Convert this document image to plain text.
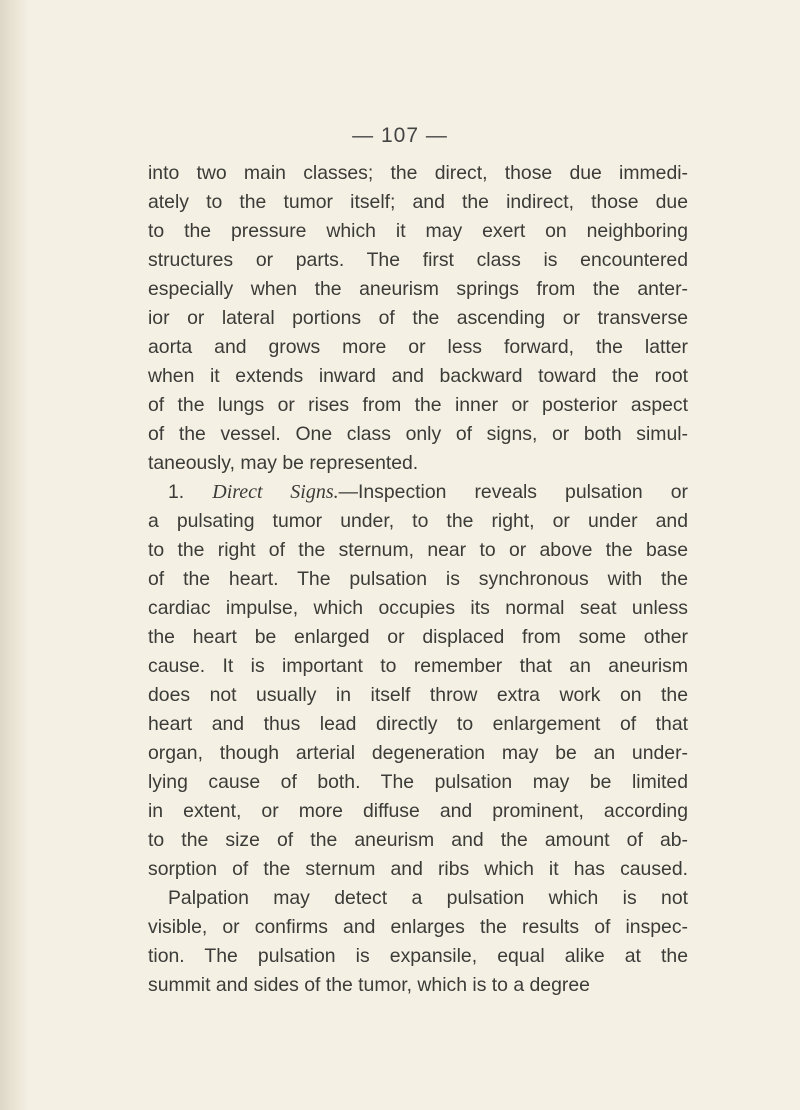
— 107 —
into two main classes; the direct, those due immedi-
ately to the tumor itself; and the indirect, those due
to the pressure which it may exert on neighboring
structures or parts. The first class is encountered
especially when the aneurism springs from the anter-
ior or lateral portions of the ascending or transverse
aorta and grows more or less forward, the latter
when it extends inward and backward toward the root
of the lungs or rises from the inner or posterior aspect
of the vessel. One class only of signs, or both simul-
taneously, may be represented.
1. Direct Signs.—Inspection reveals pulsation or
a pulsating tumor under, to the right, or under and
to the right of the sternum, near to or above the base
of the heart. The pulsation is synchronous with the
cardiac impulse, which occupies its normal seat unless
the heart be enlarged or displaced from some other
cause. It is important to remember that an aneurism
does not usually in itself throw extra work on the
heart and thus lead directly to enlargement of that
organ, though arterial degeneration may be an under-
lying cause of both. The pulsation may be limited
in extent, or more diffuse and prominent, according
to the size of the aneurism and the amount of ab-
sorption of the sternum and ribs which it has caused.
Palpation may detect a pulsation which is not
visible, or confirms and enlarges the results of inspec-
tion. The pulsation is expansile, equal alike at the
summit and sides of the tumor, which is to a degree
